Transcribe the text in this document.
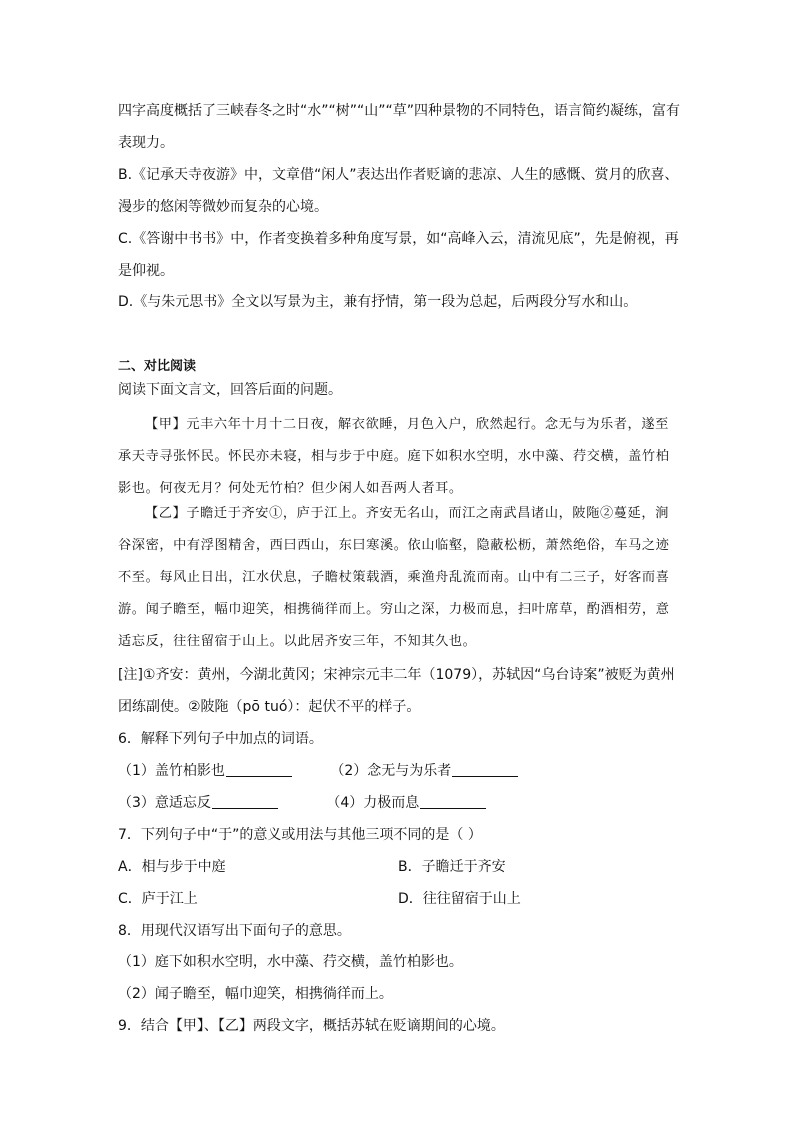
四字高度概括了三峡春冬之时“水”“树”“山”“草”四种景物的不同特色，语言简约凝练，富有
表现力。
B.《记承天寺夜游》中，文章借“闲人”表达出作者贬谪的悲凉、人生的感慨、赏月的欣喜、
漫步的悠闲等微妙而复杂的心境。
C.《答谢中书书》中，作者变换着多种角度写景，如“高峰入云，清流见底”，先是俯视，再
是仰视。
D.《与朱元思书》全文以写景为主，兼有抒情，第一段为总起，后两段分写水和山。
二、对比阅读
阅读下面文言文，回答后面的问题。
【甲】元丰六年十月十二日夜，解衣欲睡，月色入户，欣然起行。念无与为乐者，遂至
承天寺寻张怀民。怀民亦未寝，相与步于中庭。庭下如积水空明，水中藻、荇交横，盖竹柏
影也。何夜无月？何处无竹柏？但少闲人如吾两人者耳。
【乙】子瞻迁于齐安①，庐于江上。齐安无名山，而江之南武昌诸山，陂陁②蔓延，涧
谷深密，中有浮图精舍，西曰西山，东曰寒溪。依山临壑，隐蔽松枥，萧然绝俗，车马之迹
不至。每风止日出，江水伏息，子瞻杖策载酒，乘渔舟乱流而南。山中有二三子，好客而喜
游。闻子瞻至，幅巾迎笑，相携徜徉而上。穷山之深，力极而息，扫叶席草，酌酒相劳，意
适忘反，往往留宿于山上。以此居齐安三年，不知其久也。
[注]①齐安：黄州，今湖北黄冈；宋神宗元丰二年（1079），苏轼因“乌台诗案”被贬为黄州
团练副使。②陂陁（pō tuó）：起伏不平的样子。
6．解释下列句子中加点的词语。
（1）盖竹柏影也	（2）念无与为乐者
（3）意适忘反	（4）力极而息
7．下列句子中“于”的意义或用法与其他三项不同的是（ ）
A．相与步于中庭	B．子瞻迁于齐安
C．庐于江上	D．往往留宿于山上
8．用现代汉语写出下面句子的意思。
（1）庭下如积水空明，水中藻、荇交横，盖竹柏影也。
（2）闻子瞻至，幅巾迎笑，相携徜徉而上。
9．结合【甲】、【乙】两段文字，概括苏轼在贬谪期间的心境。
